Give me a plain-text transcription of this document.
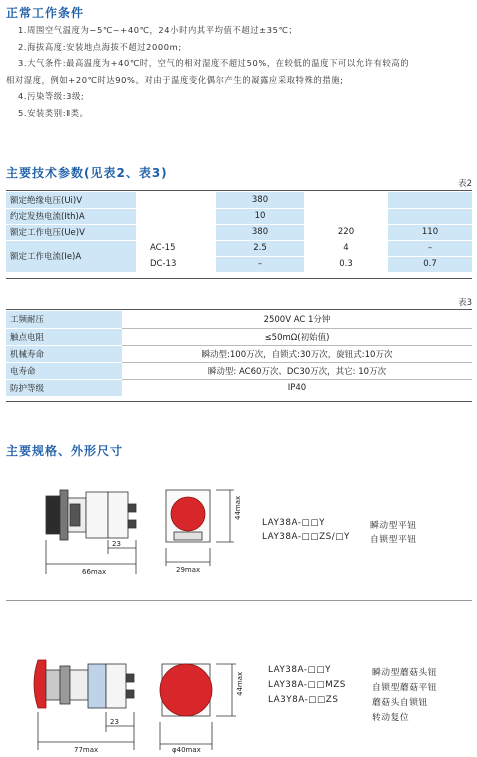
正常工作条件

1.周围空气温度为−5℃~+40℃，24小时内其平均值不超过±35℃；

2.海拔高度:安装地点海拔不超过2000m;

3.大气条件:最高温度为+40℃时，空气的相对湿度不超过50%，在较低的温度下可以允许有较高的

相对湿度，例如+20℃时达90%。对由于温度变化偶尔产生的凝露应采取特殊的措施;

4.污染等级:3级;

5.安装类别:Ⅱ类。

主要技术参数(见表2、表3)
表2
额定绝缘电压(Ui)V		380		
约定发热电流(Ith)A		10		
额定工作电压(Ue)V		380	220	110
额定工作电流(Ie)A	AC-15	2.5	4	–
	DC-13	–	0.3	0.7
表3
工频耐压	2500V AC 1分钟
触点电阻	≤50mΩ(初始值)
机械寿命	瞬动型:100万次，自锁式:30万次，旋钮式:10万次
电寿命	瞬动型: AC60万次、DC30万次，其它: 10万次
防护等级	IP40
主要规格、外形尺寸
23
66max	29max
44max
LAY38A-□□Y
LAY38A-□□ZS/□Y
瞬动型平钮
自锁型平钮
23
77max	φ40max
44max
LAY38A-□□Y
LAY38A-□□MZS
LA3Y8A-□□ZS
瞬动型蘑菇头钮
自锁型蘑菇平钮
蘑菇头自锁钮
转动复位
